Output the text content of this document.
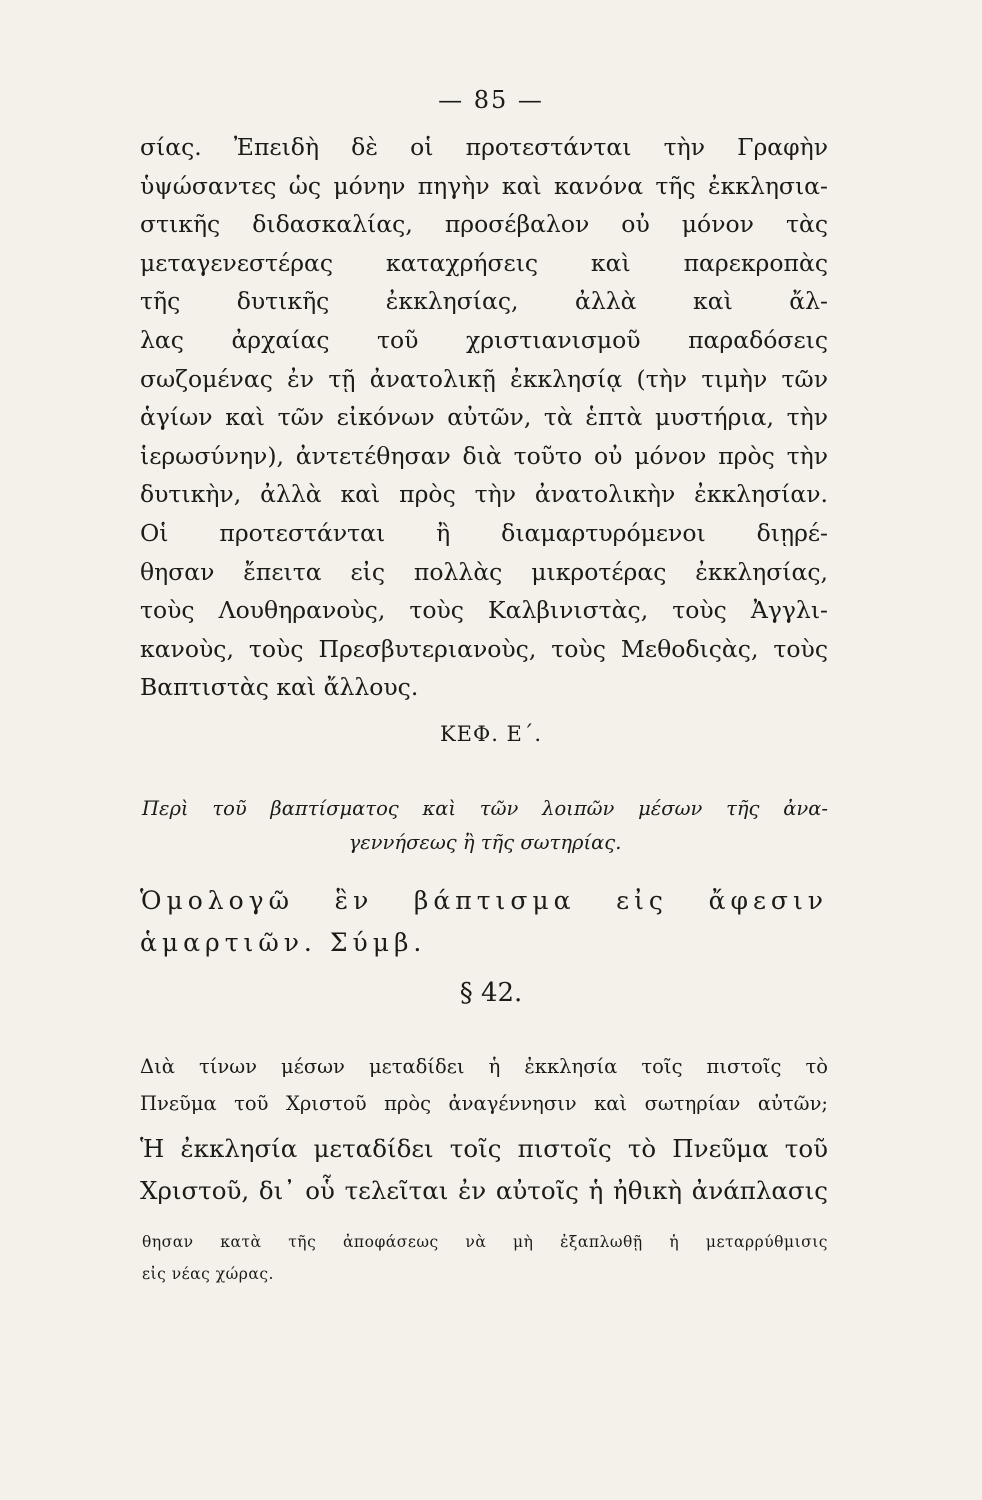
— 85 —
σίας. Ἐπειδὴ δὲ οἱ προτεστάνται τὴν Γραφὴν
ὑψώσαντες ὡς μόνην πηγὴν καὶ κανόνα τῆς ἐκκλησια-
στικῆς διδασκαλίας, προσέβαλον οὐ μόνον τὰς
μεταγενεστέρας καταχρήσεις καὶ παρεκροπὰς
τῆς δυτικῆς ἐκκλησίας, ἀλλὰ καὶ ἄλ-
λας ἀρχαίας τοῦ χριστιανισμοῦ παραδόσεις
σωζομένας ἐν τῇ ἀνατολικῇ ἐκκλησίᾳ (τὴν τιμὴν τῶν
ἁγίων καὶ τῶν εἰκόνων αὐτῶν, τὰ ἑπτὰ μυστήρια, τὴν
ἱερωσύνην), ἀντετέθησαν διὰ τοῦτο οὐ μόνον πρὸς τὴν
δυτικὴν, ἀλλὰ καὶ πρὸς τὴν ἀνατολικὴν ἐκκλησίαν.
Οἱ προτεστάνται ἢ διαμαρτυρόμενοι διῃρέ-
θησαν ἔπειτα εἰς πολλὰς μικροτέρας ἐκκλησίας,
τοὺς Λουθηρανοὺς, τοὺς Καλβινιστὰς, τοὺς Ἀγγλι-
κανοὺς, τοὺς Πρεσβυτεριανοὺς, τοὺς Μεθοδιςὰς, τοὺς
Βαπτιστὰς καὶ ἄλλους.
ΚΕΦ. Ε΄.
Περὶ τοῦ βαπτίσματος καὶ τῶν λοιπῶν μέσων τῆς ἀνα-
γεννήσεως ἢ τῆς σωτηρίας.
Ὁμολογῶ ἓν βάπτισμα εἰς ἄφεσιν
ἁμαρτιῶν. Σύμβ.
§ 42.
Διὰ τίνων μέσων μεταδίδει ἡ ἐκκλησία τοῖς πιστοῖς τὸ
Πνεῦμα τοῦ Χριστοῦ πρὸς ἀναγέννησιν καὶ σωτηρίαν αὐτῶν;
Ἡ ἐκκλησία μεταδίδει τοῖς πιστοῖς τὸ Πνεῦμα τοῦ
Χριστοῦ, δι᾽ οὗ τελεῖται ἐν αὐτοῖς ἡ ἠθικὴ ἀνάπλασις
θησαν κατὰ τῆς ἀποφάσεως νὰ μὴ ἐξαπλωθῇ ἡ μεταρρύθμισις
εἰς νέας χώρας.
